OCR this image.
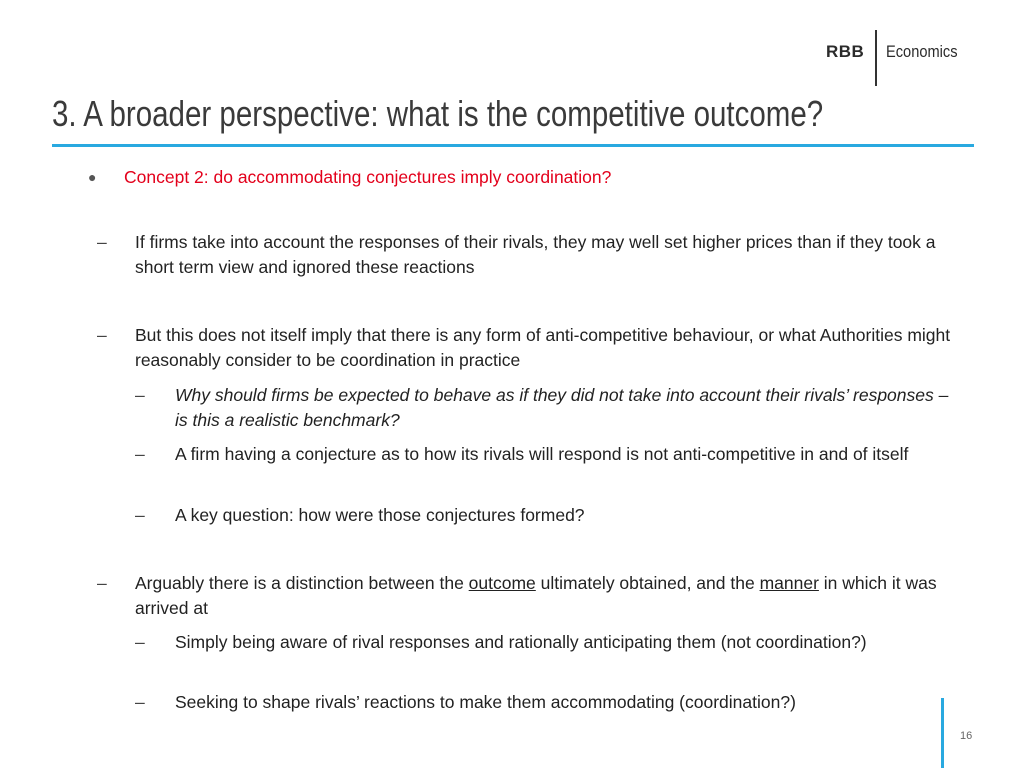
RBB Economics
3. A broader perspective: what is the competitive outcome?
● Concept 2: do accommodating conjectures imply coordination?
– If firms take into account the responses of their rivals, they may well set higher prices than if they took a short term view and ignored these reactions
– But this does not itself imply that there is any form of anti-competitive behaviour, or what Authorities might reasonably consider to be coordination in practice
– Why should firms be expected to behave as if they did not take into account their rivals’ responses – is this a realistic benchmark?
– A firm having a conjecture as to how its rivals will respond is not anti-competitive in and of itself
– A key question: how were those conjectures formed?
– Arguably there is a distinction between the outcome ultimately obtained, and the manner in which it was arrived at
– Simply being aware of rival responses and rationally anticipating them (not coordination?)
– Seeking to shape rivals’ reactions to make them accommodating (coordination?)
16
